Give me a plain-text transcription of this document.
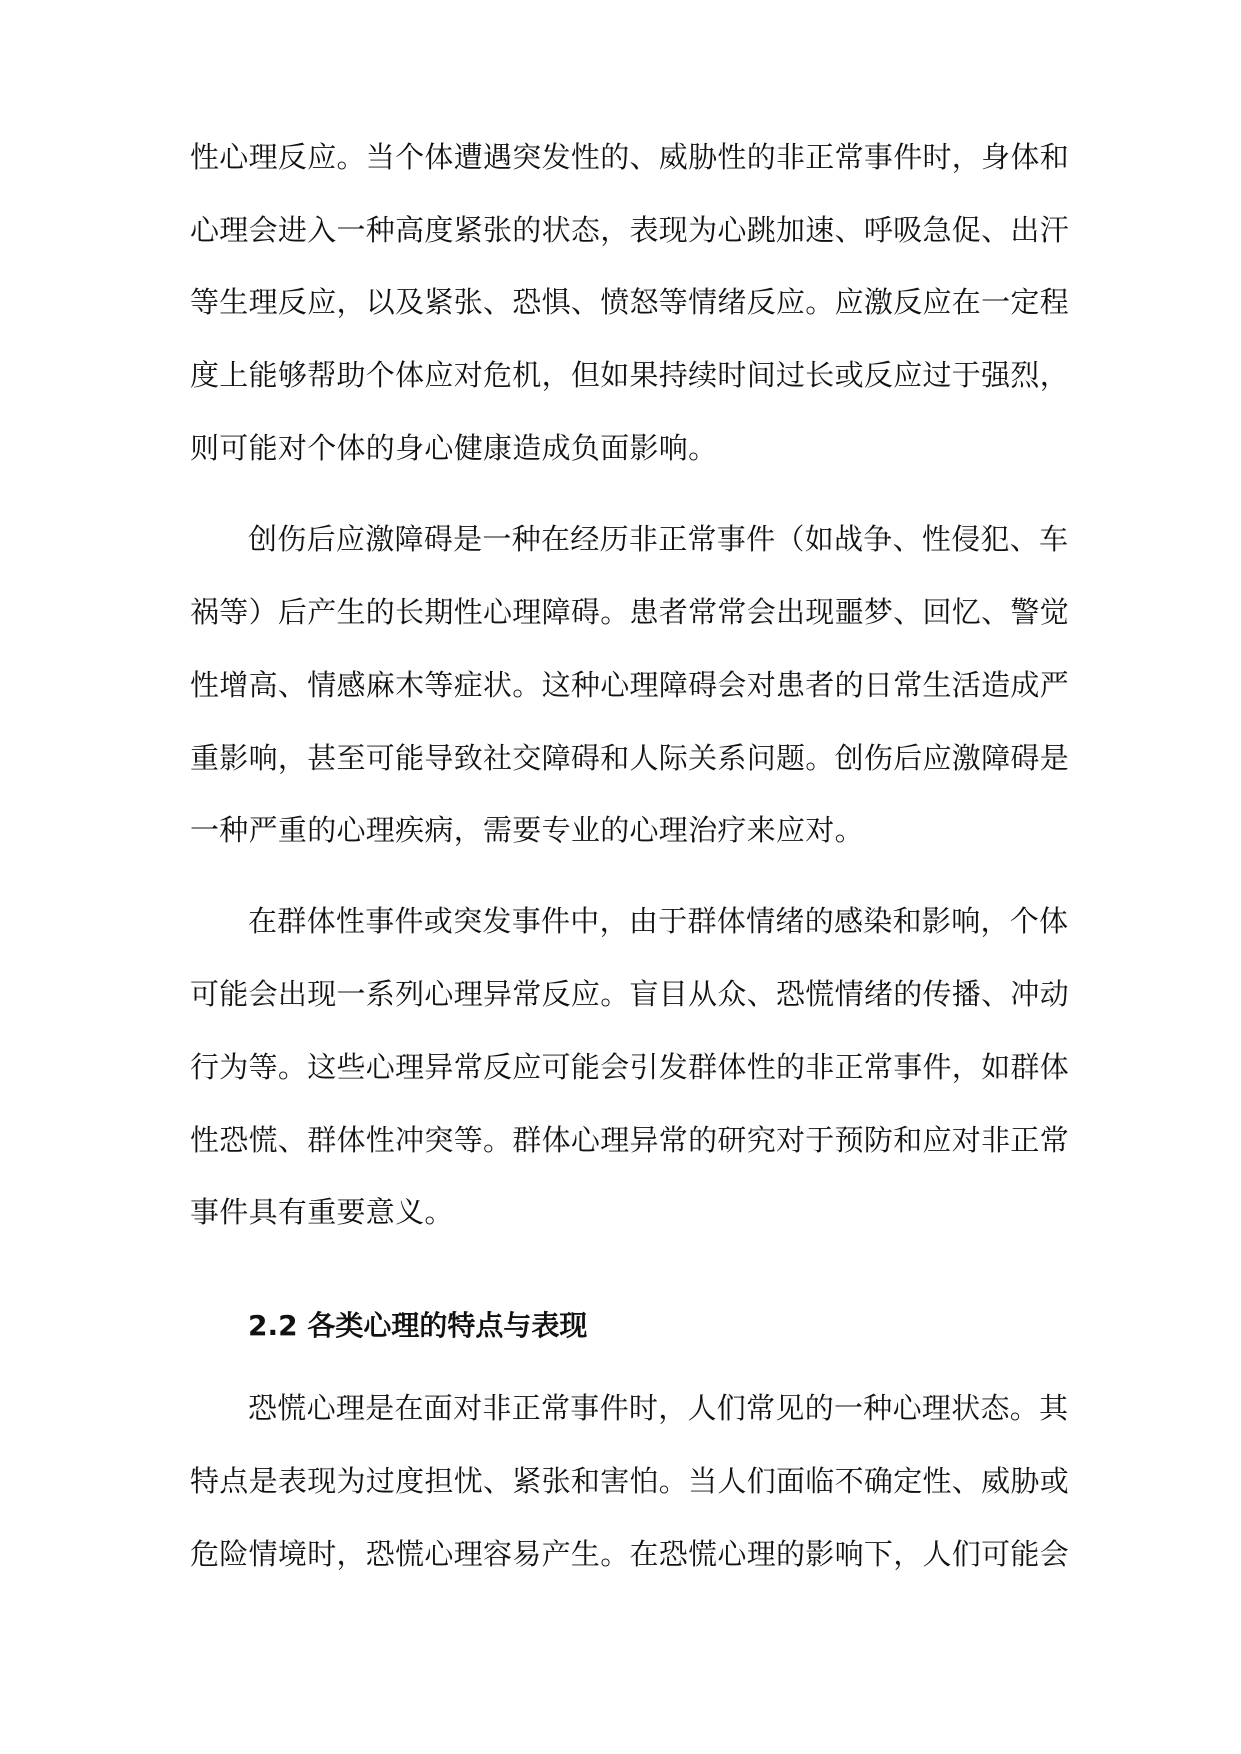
性心理反应。当个体遭遇突发性的、威胁性的非正常事件时，身体和
心理会进入一种高度紧张的状态，表现为心跳加速、呼吸急促、出汗
等生理反应，以及紧张、恐惧、愤怒等情绪反应。应激反应在一定程
度上能够帮助个体应对危机，但如果持续时间过长或反应过于强烈，
则可能对个体的身心健康造成负面影响。
创伤后应激障碍是一种在经历非正常事件（如战争、性侵犯、车
祸等）后产生的长期性心理障碍。患者常常会出现噩梦、回忆、警觉
性增高、情感麻木等症状。这种心理障碍会对患者的日常生活造成严
重影响，甚至可能导致社交障碍和人际关系问题。创伤后应激障碍是
一种严重的心理疾病，需要专业的心理治疗来应对。
在群体性事件或突发事件中，由于群体情绪的感染和影响，个体
可能会出现一系列心理异常反应。盲目从众、恐慌情绪的传播、冲动
行为等。这些心理异常反应可能会引发群体性的非正常事件，如群体
性恐慌、群体性冲突等。群体心理异常的研究对于预防和应对非正常
事件具有重要意义。
2.2 各类心理的特点与表现
恐慌心理是在面对非正常事件时，人们常见的一种心理状态。其
特点是表现为过度担忧、紧张和害怕。当人们面临不确定性、威胁或
危险情境时，恐慌心理容易产生。在恐慌心理的影响下，人们可能会
